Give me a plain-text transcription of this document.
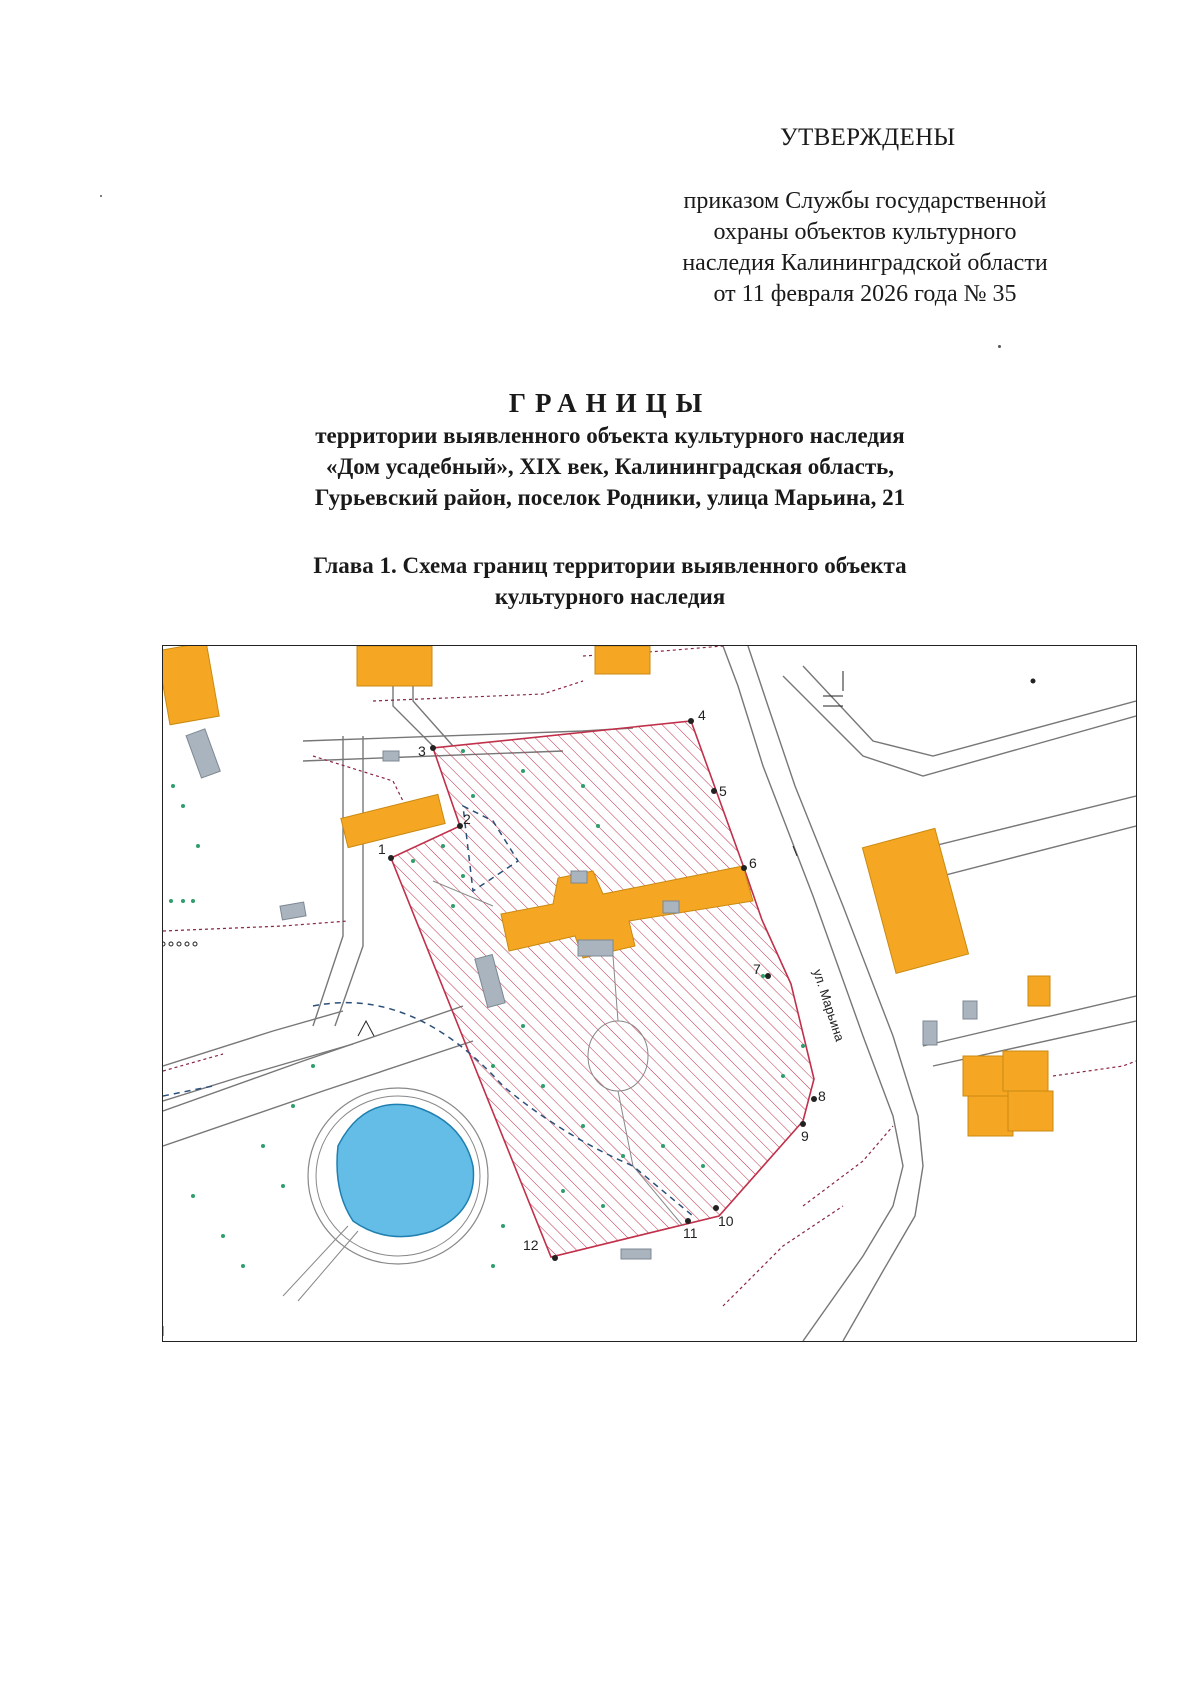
УТВЕРЖДЕНЫ
приказом Службы государственной
охраны объектов культурного
наследия Калининградской области
от 11 февраля 2026 года № 35
ГРАНИЦЫ
территории выявленного объекта культурного наследия
«Дом усадебный», XIX век, Калининградская область,
Гурьевский район, поселок Родники, улица Марьина, 21
Глава 1. Схема границ территории выявленного объекта
культурного наследия
1
2
3
4
5
6
7
8
9
10
11
12
ул. Марьина
